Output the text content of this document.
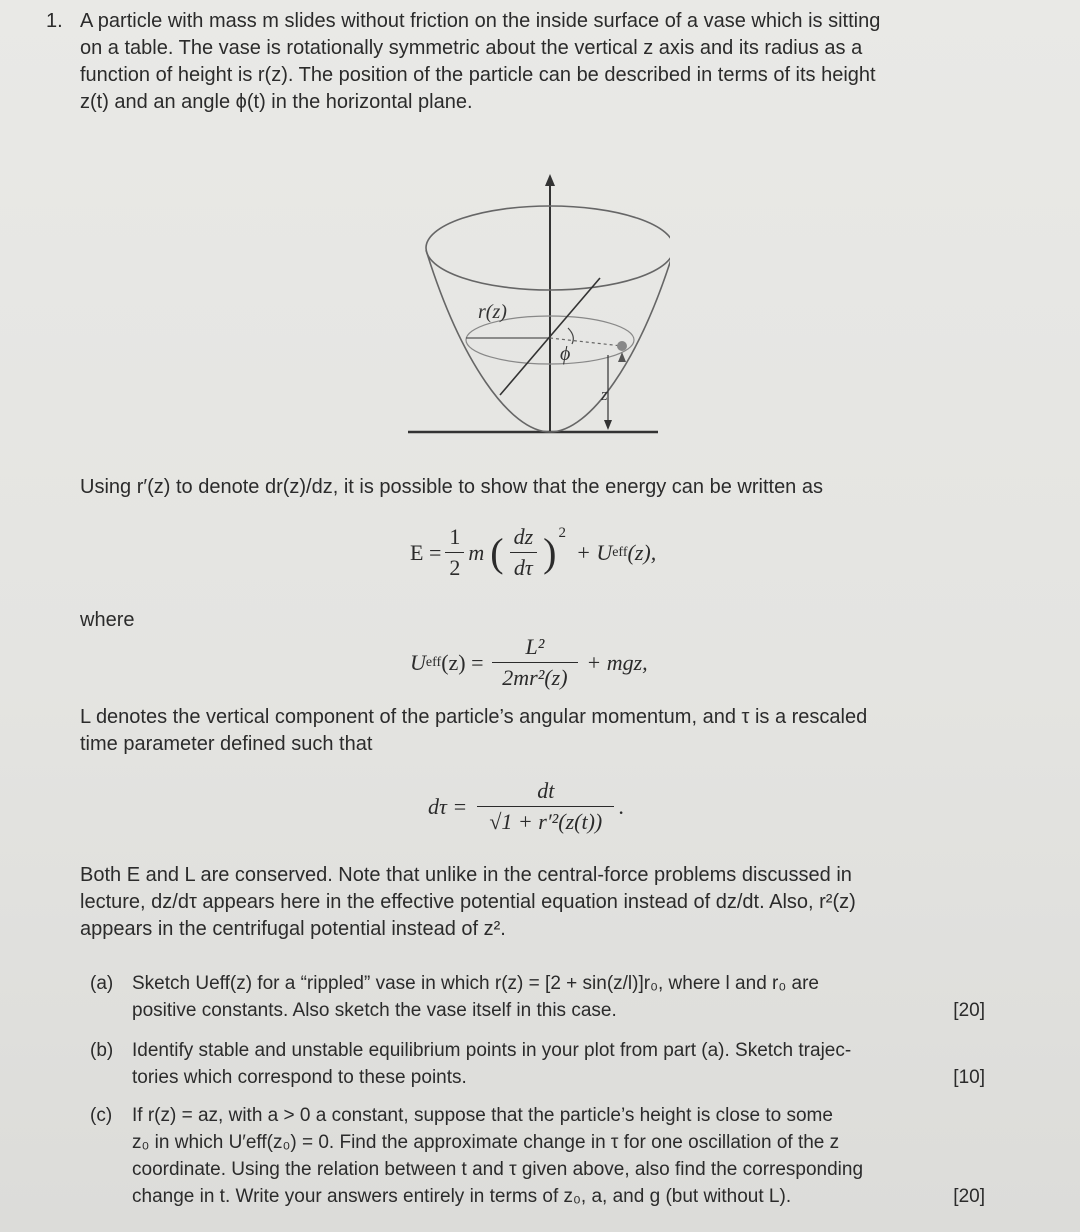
1. A particle with mass m slides without friction on the inside surface of a vase which is sitting
on a table. The vase is rotationally symmetric about the vertical z axis and its radius as a
function of height is r(z). The position of the particle can be described in terms of its height
z(t) and an angle ϕ(t) in the horizontal plane.
r(z)
ϕ
z
Using r′(z) to denote dr(z)/dz, it is possible to show that the energy can be written as
$E = \frac{1}{2}$ m ( $\frac{dz}{d\tau} )^2$
+ U eff (z),
where
U eff $(z) = \frac{\text{L²}}{\text{2mr²(z)}}$ + mgz,
L denotes the vertical component of the particle’s angular momentum, and τ is a rescaled
time parameter defined such that
$d\tau = \frac{dt}{\text{√1 + r′²(z(t))}}$ .
Both E and L are conserved. Note that unlike in the central-force problems discussed in
lecture, dz/dτ appears here in the effective potential equation instead of dz/dt. Also, r²(z)
appears in the centrifugal potential instead of z².
(a) Sketch Ueff(z) for a “rippled” vase in which r(z) = [2 + sin(z/l)]r₀, where l and r₀ are
positive constants. Also sketch the vase itself in this case.	[20]
(b) Identify stable and unstable equilibrium points in your plot from part (a). Sketch trajec-
tories which correspond to these points.	[10]
(c) If r(z) = az, with a > 0 a constant, suppose that the particle’s height is close to some
z₀ in which U′eff(z₀) = 0. Find the approximate change in τ for one oscillation of the z
coordinate. Using the relation between t and τ given above, also find the corresponding
change in t. Write your answers entirely in terms of z₀, a, and g (but without L).	[20]
